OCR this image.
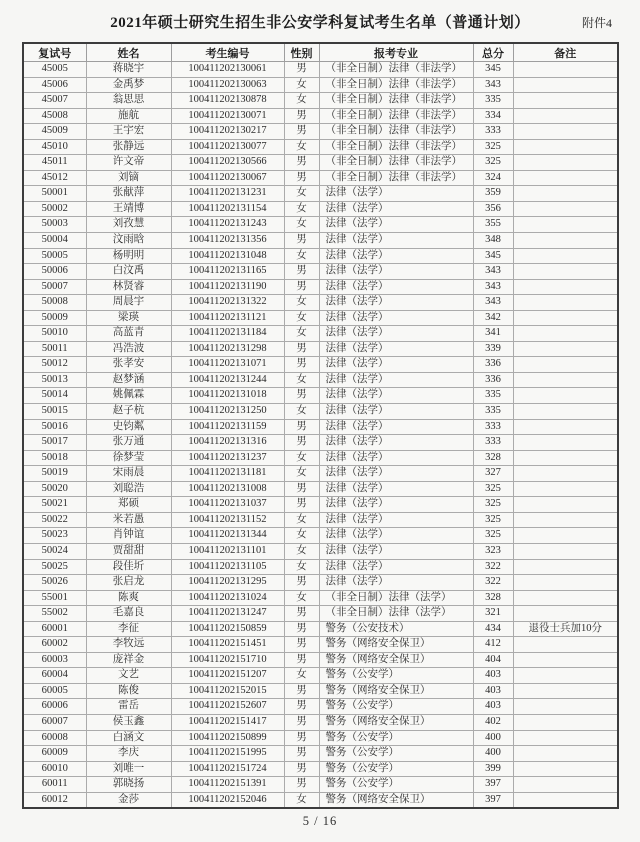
2021年硕士研究生招生非公安学科复试考生名单（普通计划）	附件4
复试号	姓名	考生编号	性别	报考专业	总分	备注
45005	蒋晓宇	100411202130061	男	（非全日制）法律（非法学）	345	
45006	金禹梦	100411202130063	女	（非全日制）法律（非法学）	343	
45007	翁思思	100411202130878	女	（非全日制）法律（非法学）	335	
45008	施航	100411202130071	男	（非全日制）法律（非法学）	334	
45009	王宇宏	100411202130217	男	（非全日制）法律（非法学）	333	
45010	张静远	100411202130077	女	（非全日制）法律（非法学）	325	
45011	许文帝	100411202130566	男	（非全日制）法律（非法学）	325	
45012	刘镝	100411202130067	男	（非全日制）法律（非法学）	324	
50001	张献萍	100411202131231	女	法律（法学）	359	
50002	王靖博	100411202131154	女	法律（法学）	356	
50003	刘孜慧	100411202131243	女	法律（法学）	355	
50004	汶雨晗	100411202131356	男	法律（法学）	348	
50005	杨明明	100411202131048	女	法律（法学）	345	
50006	白汶禹	100411202131165	男	法律（法学）	343	
50007	林贤睿	100411202131190	男	法律（法学）	343	
50008	周晨宇	100411202131322	女	法律（法学）	343	
50009	梁瑛	100411202131121	女	法律（法学）	342	
50010	高蓝青	100411202131184	女	法律（法学）	341	
50011	冯浩波	100411202131298	男	法律（法学）	339	
50012	张孝安	100411202131071	男	法律（法学）	336	
50013	赵梦涵	100411202131244	女	法律（法学）	336	
50014	姚佩霖	100411202131018	男	法律（法学）	335	
50015	赵子杭	100411202131250	女	法律（法学）	335	
50016	史钧粼	100411202131159	男	法律（法学）	333	
50017	张万通	100411202131316	男	法律（法学）	333	
50018	徐梦莹	100411202131237	女	法律（法学）	328	
50019	宋雨晨	100411202131181	女	法律（法学）	327	
50020	刘聪浩	100411202131008	男	法律（法学）	325	
50021	郑硕	100411202131037	男	法律（法学）	325	
50022	米若愚	100411202131152	女	法律（法学）	325	
50023	肖钟谊	100411202131344	女	法律（法学）	325	
50024	贾甜甜	100411202131101	女	法律（法学）	323	
50025	段佳圻	100411202131105	女	法律（法学）	322	
50026	张启龙	100411202131295	男	法律（法学）	322	
55001	陈爽	100411202131024	女	（非全日制）法律（法学）	328	
55002	毛嘉良	100411202131247	男	（非全日制）法律（法学）	321	
60001	李征	100411202150859	男	警务（公安技术）	434	退役士兵加10分
60002	李牧远	100411202151451	男	警务（网络安全保卫）	412	
60003	庞祥金	100411202151710	男	警务（网络安全保卫）	404	
60004	文艺	100411202151207	女	警务（公安学）	403	
60005	陈俊	100411202152015	男	警务（网络安全保卫）	403	
60006	雷岳	100411202152607	男	警务（公安学）	403	
60007	侯玉鑫	100411202151417	男	警务（网络安全保卫）	402	
60008	白涵文	100411202150899	男	警务（公安学）	400	
60009	李庆	100411202151995	男	警务（公安学）	400	
60010	刘唯一	100411202151724	男	警务（公安学）	399	
60011	郭晓扬	100411202151391	男	警务（公安学）	397	
60012	金莎	100411202152046	女	警务（网络安全保卫）	397	
5 / 16
